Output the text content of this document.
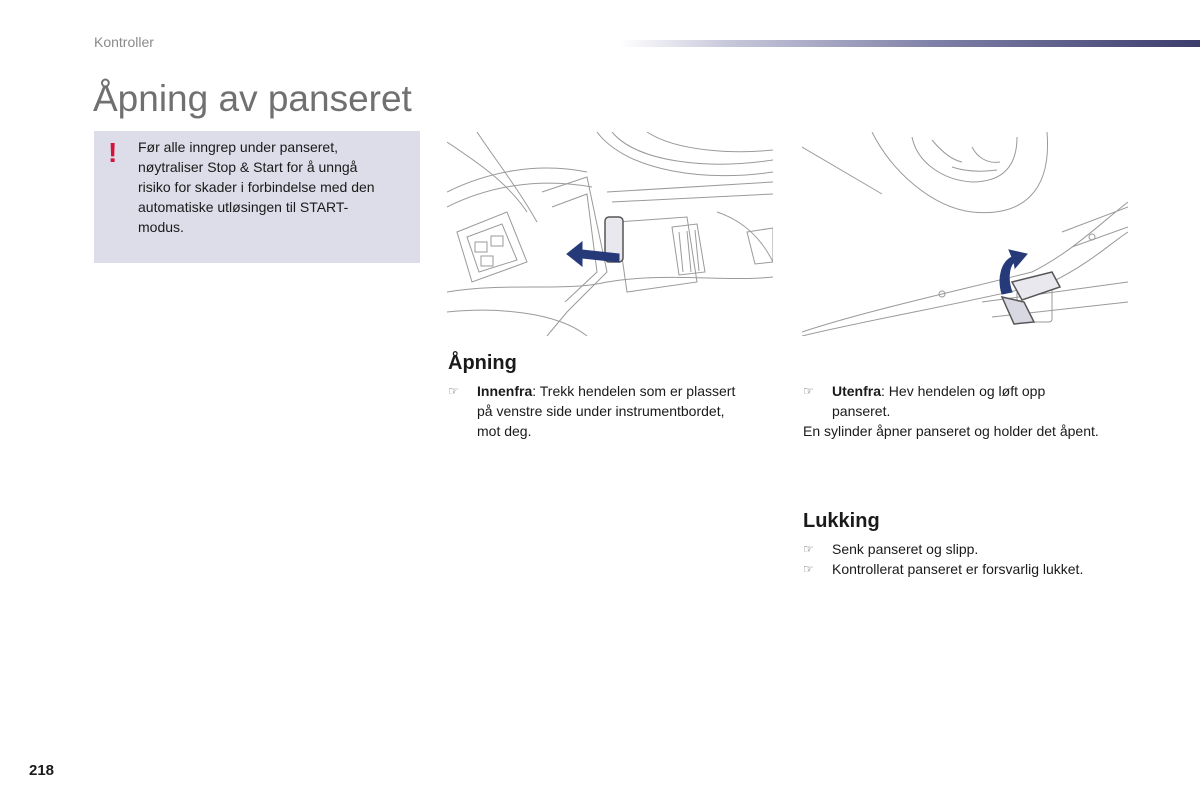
Kontroller
Åpning av panseret
! Før alle inngrep under panseret,
nøytraliser Stop & Start for å unngå
risiko for skader i forbindelse med den
automatiske utløsingen til START-
modus.
Åpning
☞ Innenfra: Trekk hendelen som er plassert
på venstre side under instrumentbordet,
mot deg.
☞ Utenfra: Hev hendelen og løft opp
panseret.
En sylinder åpner panseret og holder det åpent.
Lukking
☞ Senk panseret og slipp.
☞ Kontrollerat panseret er forsvarlig lukket.
218
